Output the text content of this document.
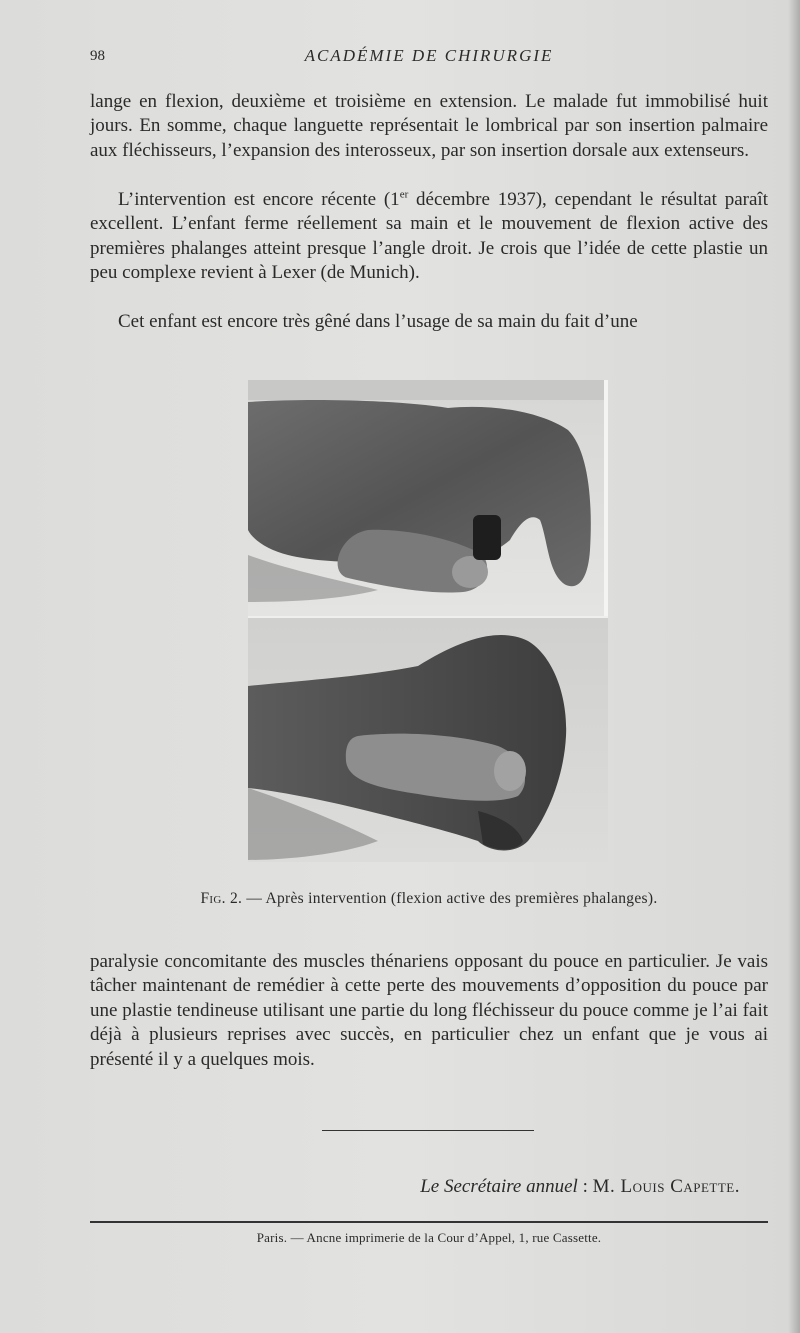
98	ACADÉMIE DE CHIRURGIE

lange en flexion, deuxième et troisième en extension. Le malade fut immobilisé huit jours. En somme, chaque languette représentait le lombrical par son insertion palmaire aux fléchisseurs, l’expansion des interosseux, par son insertion dorsale aux extenseurs.

L’intervention est encore récente (1er décembre 1937), cependant le résultat paraît excellent. L’enfant ferme réellement sa main et le mouvement de flexion active des premières phalanges atteint presque l’angle droit. Je crois que l’idée de cette plastie un peu complexe revient à Lexer (de Munich).

Cet enfant est encore très gêné dans l’usage de sa main du fait d’une

Fig. 2. — Après intervention (flexion active des premières phalanges).

paralysie concomitante des muscles thénariens opposant du pouce en particulier. Je vais tâcher maintenant de remédier à cette perte des mouvements d’opposition du pouce par une plastie tendineuse utilisant une partie du long fléchisseur du pouce comme je l’ai fait déjà à plusieurs reprises avec succès, en particulier chez un enfant que je vous ai présenté il y a quelques mois.

Le Secrétaire annuel : M. Louis Capette.
Paris. — Ancne imprimerie de la Cour d’Appel, 1, rue Cassette.
